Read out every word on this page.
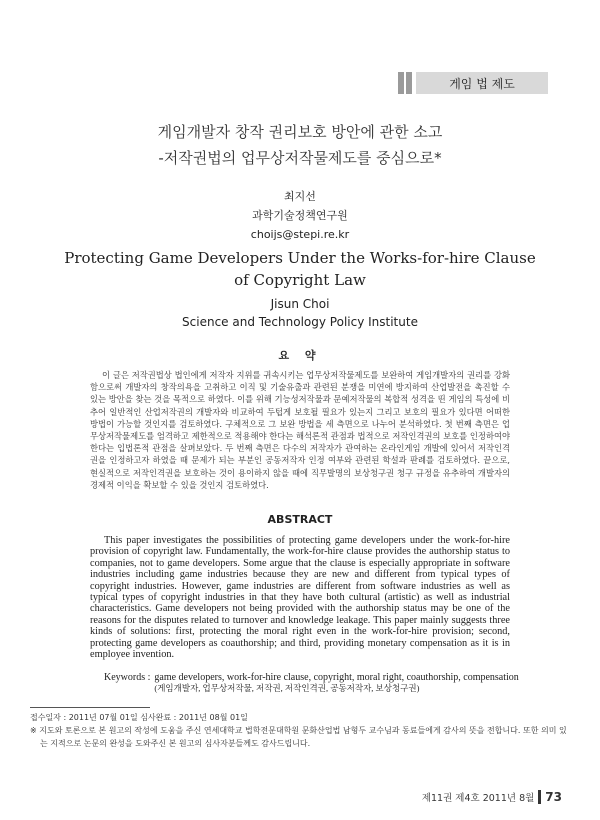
게임 법 제도
게임개발자 창작 권리보호 방안에 관한 소고
-저작권법의 업무상저작물제도를 중심으로*
최지선
과학기술정책연구원
choijs@stepi.re.kr
Protecting Game Developers Under the Works-for-hire Clause of Copyright Law
Jisun Choi
Science and Technology Policy Institute
요 약

이 글은 저작권법상 법인에게 저작자 지위를 귀속시키는 업무상저작물제도를 보완하여 게임개발자의 권리를 강화함으로써 개발자의 창작의욕을 고취하고 이직 및 기술유출과 관련된 분쟁을 미연에 방지하여 산업발전을 촉진할 수 있는 방안을 찾는 것을 목적으로 하였다. 이를 위해 기능성저작물과 문예저작물의 복합적 성격을 띤 게임의 특성에 비추어 일반적인 산업저작권의 개발자와 비교하여 두텁게 보호될 필요가 있는지 그리고 보호의 필요가 있다면 어떠한 방법이 가능할 것인지를 검토하였다. 구체적으로 그 보완 방법을 세 측면으로 나누어 분석하였다. 첫 번째 측면은 업무상저작물제도를 엄격하고 제한적으로 적용해야 한다는 해석론적 관점과 법적으로 저작인격권의 보호를 인정하여야 한다는 입법론적 관점을 살펴보았다. 두 번째 측면은 다수의 저작자가 관여하는 온라인게임 개발에 있어서 저작인격권을 인정하고자 하였을 때 문제가 되는 부분인 공동저작자 인정 여부와 관련된 학설과 판례를 검토하였다. 끝으로, 현실적으로 저작인격권을 보호하는 것이 용이하지 않을 때에 직무발명의 보상청구권 청구 규정을 유추하여 개발자의 경제적 이익을 확보할 수 있을 것인지 검토하였다.

ABSTRACT

This paper investigates the possibilities of protecting game developers under the work-for-hire provision of copyright law. Fundamentally, the work-for-hire clause provides the authorship status to companies, not to game developers. Some argue that the clause is especially appropriate in software industries including game industries because they are new and different from typical types of copyright industries. However, game industries are different from software industries as well as typical types of copyright industries in that they have both cultural (artistic) as well as industrial characteristics. Game developers not being provided with the authorship status may be one of the reasons for the disputes related to turnover and knowledge leakage. This paper mainly suggests three kinds of solutions: first, protecting the moral right even in the work-for-hire provision; second, protecting game developers as coauthorship; and third, providing monetary compensation as it is in employee invention.

Keywords : game developers, work-for-hire clause, copyright, moral right, coauthorship, compensation (게임개발자, 업무상저작물, 저작권, 저작인격권, 공동저작자, 보상청구권)
접수일자 : 2011년 07월 01일 심사완료 : 2011년 08월 01일
※ 지도와 토론으로 본 원고의 작성에 도움을 주신 연세대학교 법학전문대학원 문화산업법 남형두 교수님과 동료들에게 감사의 뜻을 전합니다. 또한 의미 있는 지적으로 논문의 완성을 도와주신 본 원고의 심사자분들께도 감사드립니다.
제11권 제4호 2011년 8월 73
